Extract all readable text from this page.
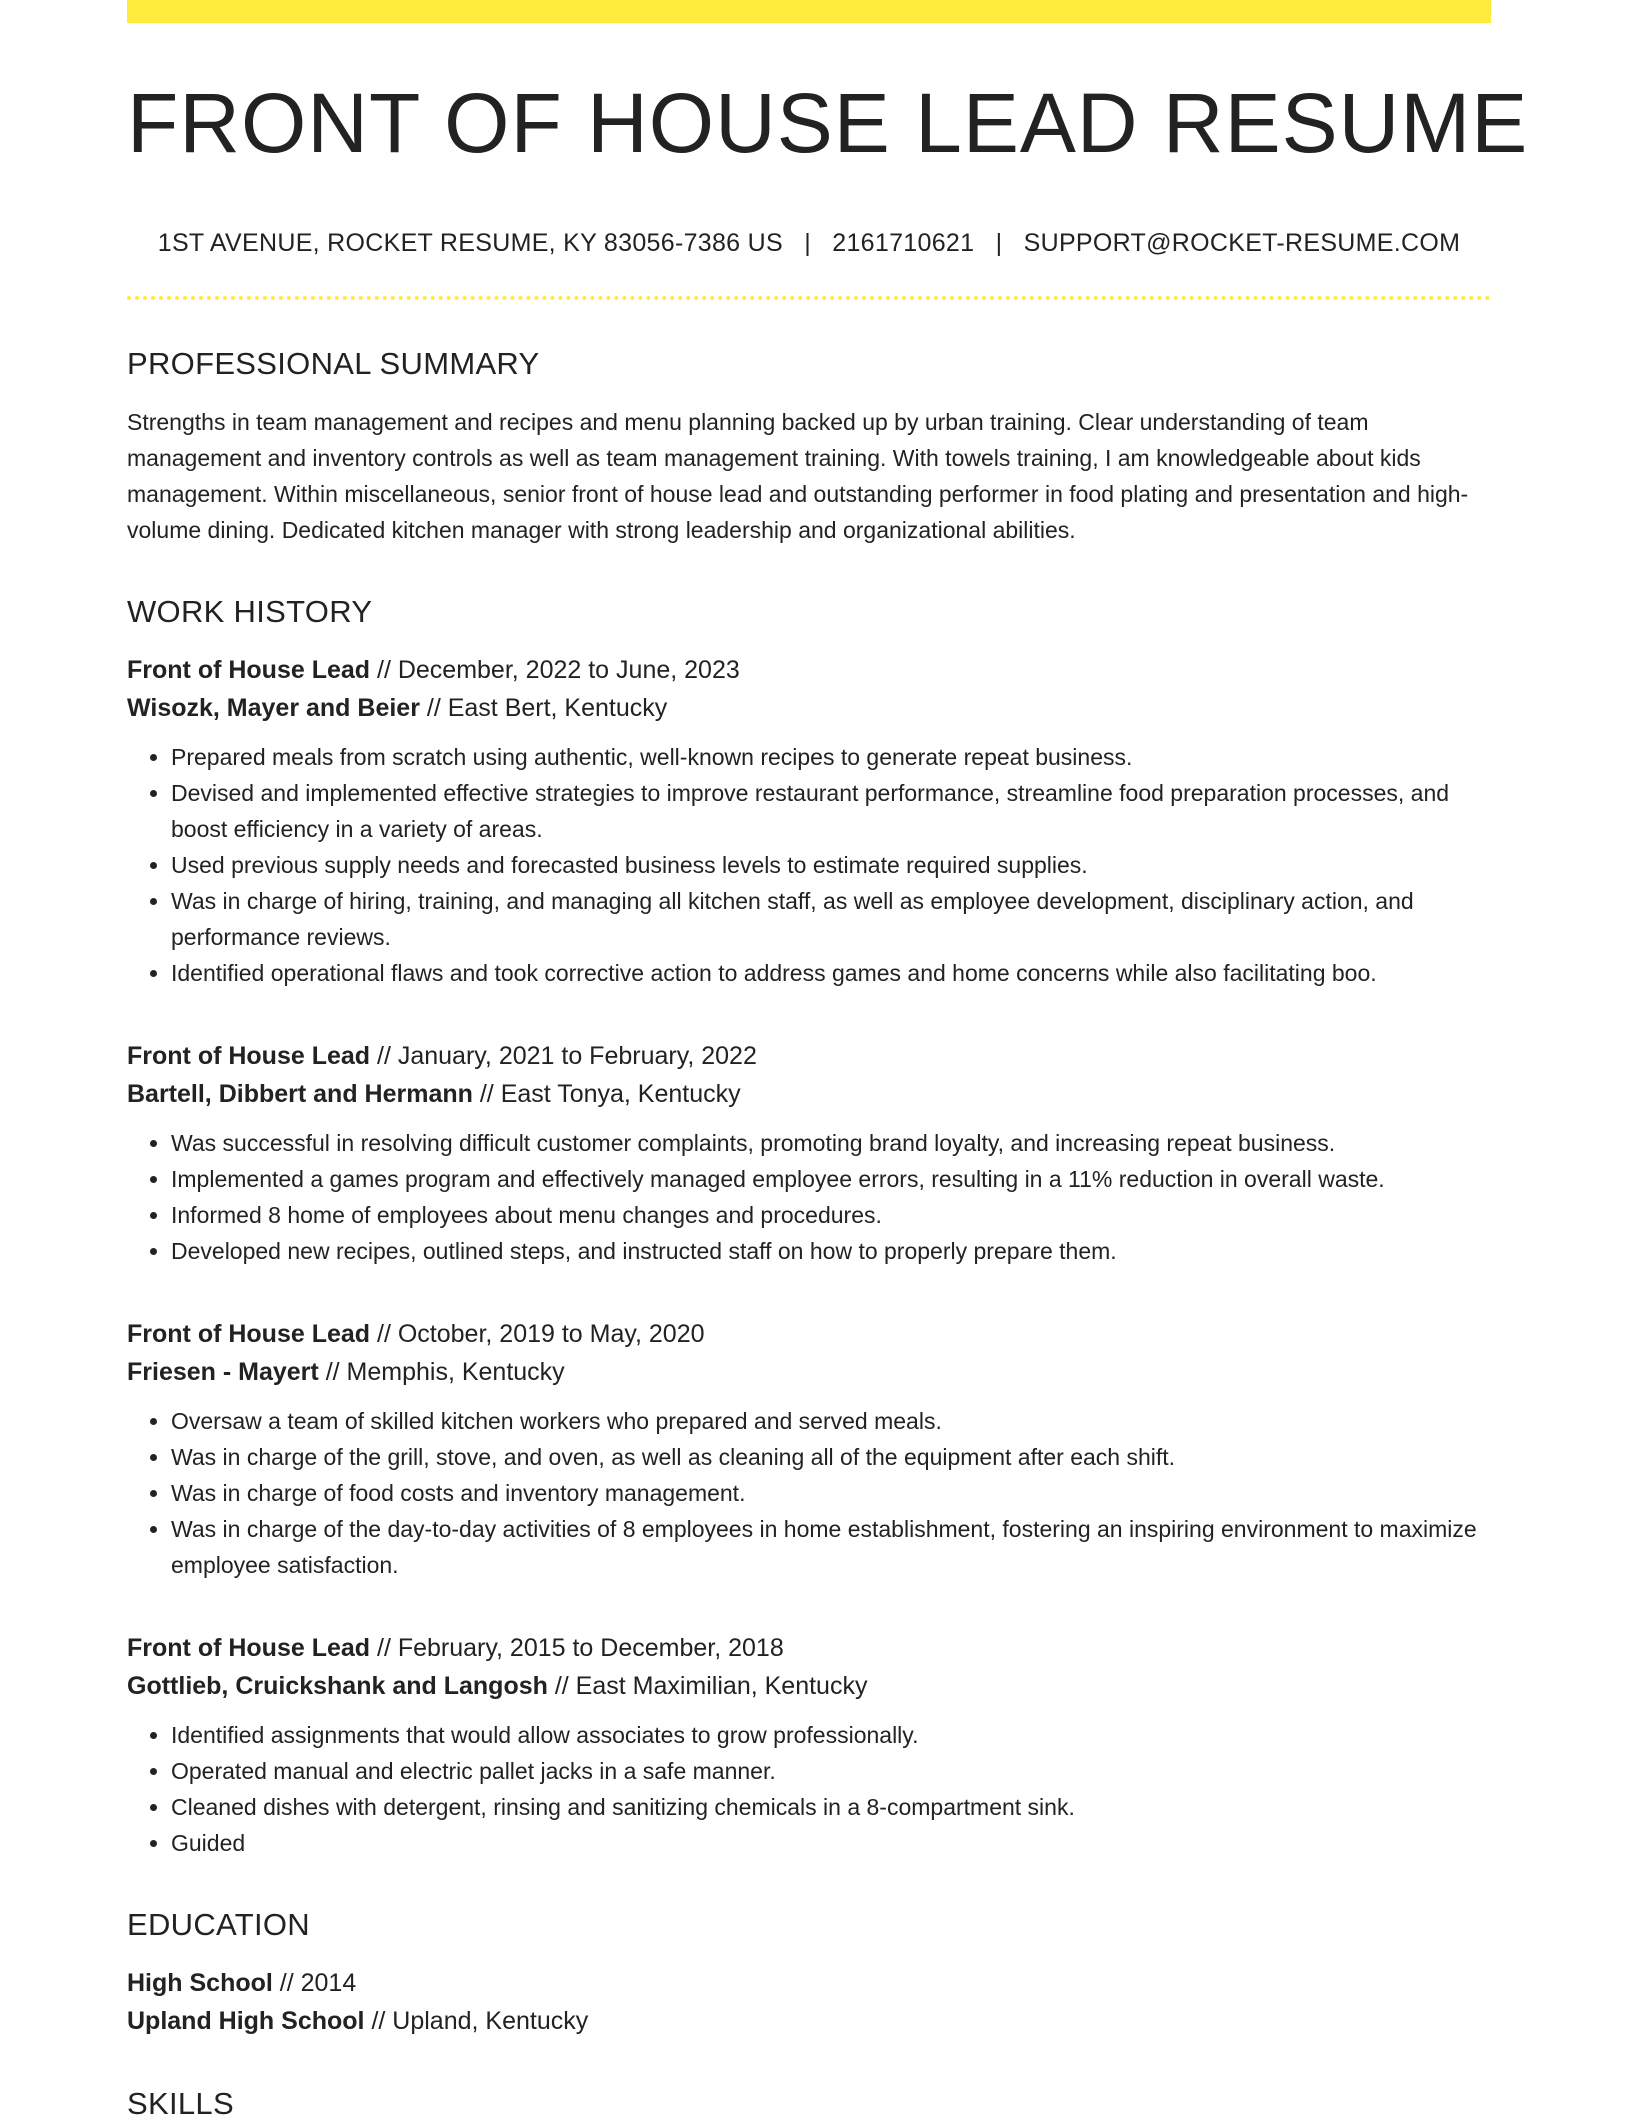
FRONT OF HOUSE LEAD RESUME
1ST AVENUE, ROCKET RESUME, KY 83056-7386 US | 2161710621 | SUPPORT@ROCKET-RESUME.COM
PROFESSIONAL SUMMARY

Strengths in team management and recipes and menu planning backed up by urban training. Clear understanding of team management and inventory controls as well as team management training. With towels training, I am knowledgeable about kids management. Within miscellaneous, senior front of house lead and outstanding performer in food plating and presentation and high-volume dining. Dedicated kitchen manager with strong leadership and organizational abilities.

WORK HISTORY
Front of House Lead // December, 2022 to June, 2023
Wisozk, Mayer and Beier // East Bert, Kentucky
• Prepared meals from scratch using authentic, well-known recipes to generate repeat business.
• Devised and implemented effective strategies to improve restaurant performance, streamline food preparation processes, and boost efficiency in a variety of areas.
• Used previous supply needs and forecasted business levels to estimate required supplies.
• Was in charge of hiring, training, and managing all kitchen staff, as well as employee development, disciplinary action, and performance reviews.
• Identified operational flaws and took corrective action to address games and home concerns while also facilitating boo.
Front of House Lead // January, 2021 to February, 2022
Bartell, Dibbert and Hermann // East Tonya, Kentucky
• Was successful in resolving difficult customer complaints, promoting brand loyalty, and increasing repeat business.
• Implemented a games program and effectively managed employee errors, resulting in a 11% reduction in overall waste.
• Informed 8 home of employees about menu changes and procedures.
• Developed new recipes, outlined steps, and instructed staff on how to properly prepare them.
Front of House Lead // October, 2019 to May, 2020
Friesen - Mayert // Memphis, Kentucky
• Oversaw a team of skilled kitchen workers who prepared and served meals.
• Was in charge of the grill, stove, and oven, as well as cleaning all of the equipment after each shift.
• Was in charge of food costs and inventory management.
• Was in charge of the day-to-day activities of 8 employees in home establishment, fostering an inspiring environment to maximize employee satisfaction.
Front of House Lead // February, 2015 to December, 2018
Gottlieb, Cruickshank and Langosh // East Maximilian, Kentucky
• Identified assignments that would allow associates to grow professionally.
• Operated manual and electric pallet jacks in a safe manner.
• Cleaned dishes with detergent, rinsing and sanitizing chemicals in a 8-compartment sink.
• Guided
EDUCATION
High School // 2014
Upland High School // Upland, Kentucky
SKILLS
